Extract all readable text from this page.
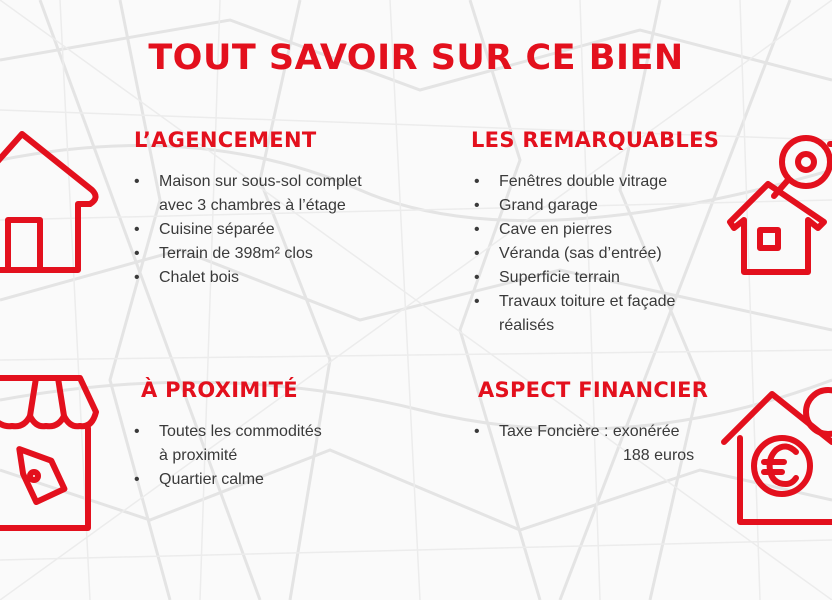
TOUT SAVOIR SUR CE BIEN
L’AGENCEMENT
• Maison sur sous-sol complet
avec 3 chambres à l’étage
• Cuisine séparée
• Terrain de 398m² clos
• Chalet bois
LES REMARQUABLES
• Fenêtres double vitrage
• Grand garage
• Cave en pierres
• Véranda (sas d’entrée)
• Superficie terrain
• Travaux toiture et façade
réalisés
À PROXIMITÉ
• Toutes les commodités
à proximité
• Quartier calme
ASPECT FINANCIER
• Taxe Foncière : exonérée
188 euros
